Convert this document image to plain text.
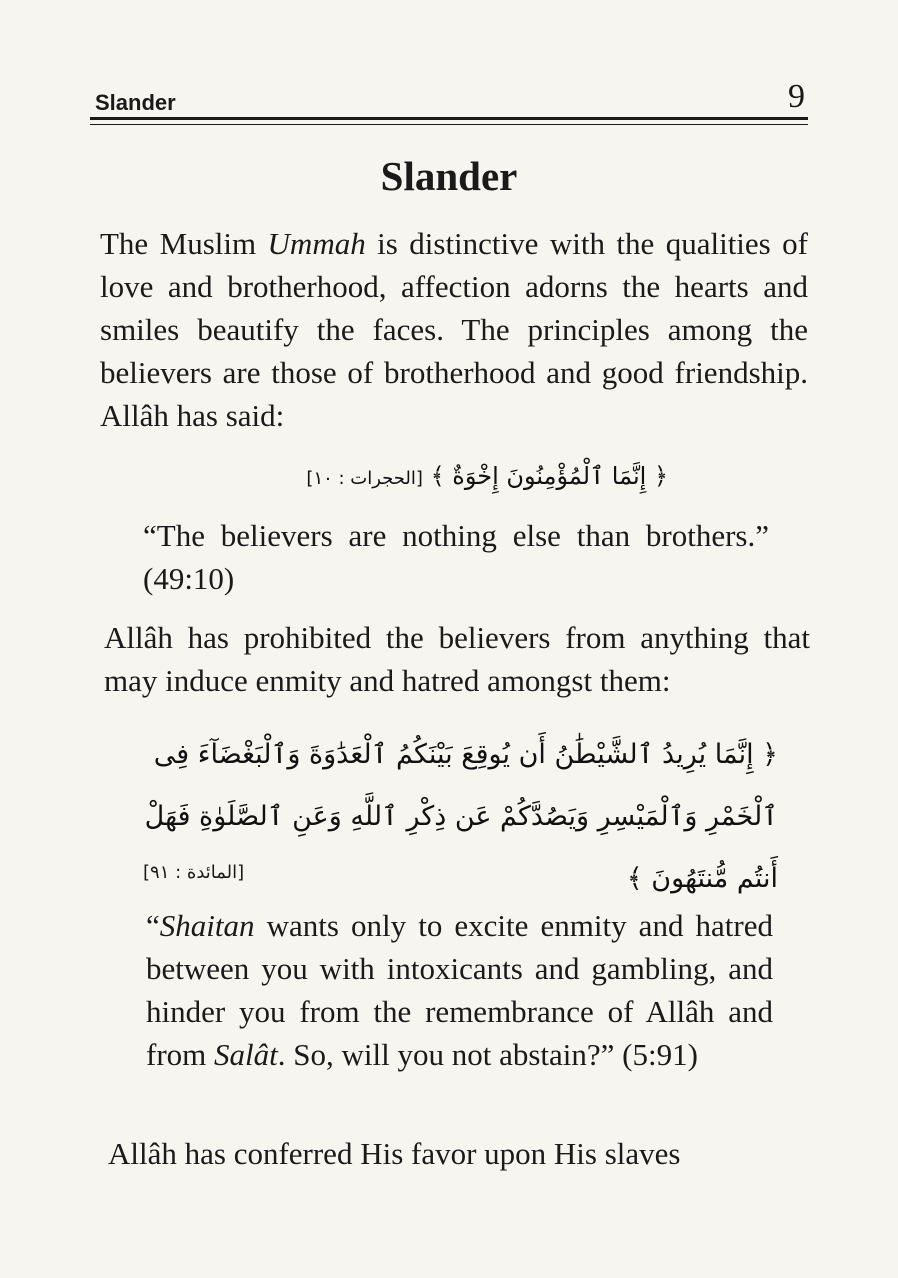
Slander	9
Slander
The Muslim Ummah is distinctive with the qualities of love and brotherhood, affection adorns the hearts and smiles beautify the faces. The principles among the believers are those of brotherhood and good friendship. Allâh has said:
﴿ إِنَّمَا ٱلْمُؤْمِنُونَ إِخْوَةٌ ﴾ [الحجرات : ١٠]
“The believers are nothing else than brothers.” (49:10)
Allâh has prohibited the believers from anything that may induce enmity and hatred amongst them:
﴿ إِنَّمَا يُرِيدُ ٱلشَّيْطَٰنُ أَن يُوقِعَ بَيْنَكُمُ ٱلْعَدَٰوَةَ وَٱلْبَغْضَآءَ فِى ٱلْخَمْرِ وَٱلْمَيْسِرِ وَيَصُدَّكُمْ عَن ذِكْرِ ٱللَّهِ وَعَنِ ٱلصَّلَوٰةِ فَهَلْ أَنتُم مُّنتَهُونَ ﴾
[المائدة : ٩١]
“Shaitan wants only to excite enmity and hatred between you with intoxicants and gambling, and hinder you from the remembrance of Allâh and from Salât. So, will you not abstain?” (5:91)
Allâh has conferred His favor upon His slaves
